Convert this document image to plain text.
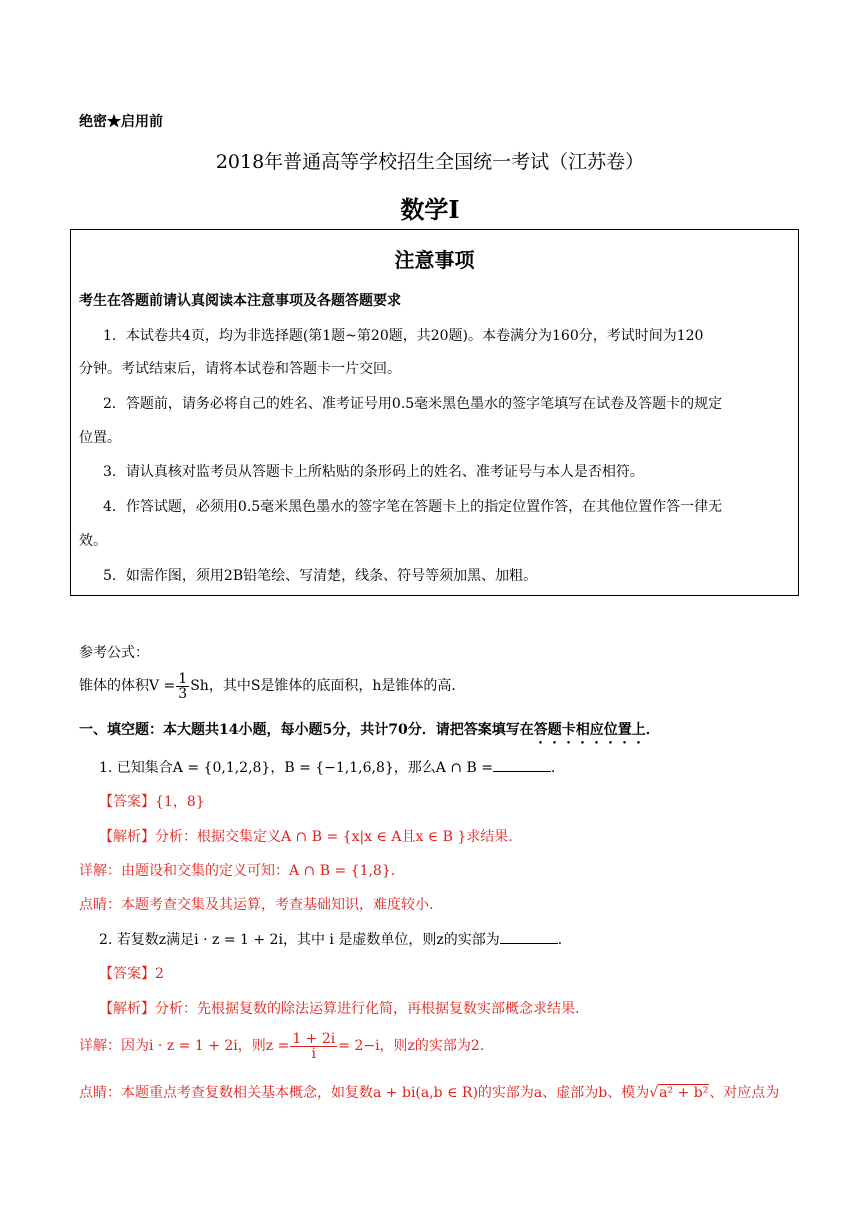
绝密★启用前
2018年普通高等学校招生全国统一考试（江苏卷）
数学Ⅰ
注意事项
考生在答题前请认真阅读本注意事项及各题答题要求
1．本试卷共4页，均为非选择题(第1题~第20题，共20题)。本卷满分为160分，考试时间为120
分钟。考试结束后，请将本试卷和答题卡一片交回。
2．答题前，请务必将自己的姓名、准考证号用0.5毫米黑色墨水的签字笔填写在试卷及答题卡的规定
位置。
3．请认真核对监考员从答题卡上所粘贴的条形码上的姓名、准考证号与本人是否相符。
4．作答试题，必须用0.5毫米黑色墨水的签字笔在答题卡上的指定位置作答，在其他位置作答一律无
效。
5．如需作图，须用2B铅笔绘、写清楚，线条、符号等须加黑、加粗。
参考公式：
锥体的体积$V = \frac{1}{3}$ Sh，其中S是锥体的底面积，h是锥体的高．
一、填空题：本大题共14小题，每小题5分，共计70分．请把答案填写在答题卡相应位置上．
1. 已知集合A = {0,1,2,8}，B = {−1,1,6,8}，那么A ∩ B =	．
【答案】{1，8}
【解析】分析：根据交集定义A ∩ B = {x|x ∈ A且x ∈ B }求结果.
详解：由题设和交集的定义可知：A ∩ B = {1,8}.
点睛：本题考查交集及其运算，考查基础知识，难度较小.
2. 若复数z满足i · z = 1 + 2i，其中 i 是虚数单位，则z的实部为	．
【答案】2
【解析】分析：先根据复数的除法运算进行化简，再根据复数实部概念求结果.
详解：因为i · z = 1 + 2i，则$z = \frac{1 + 2i}{i} = 2-i$，则z的实部为2.
点睛：本题重点考查复数相关基本概念，如复数a + bi(a,b ∈ R)的实部为a、虚部为b、模为√a² + b²、对应点为
